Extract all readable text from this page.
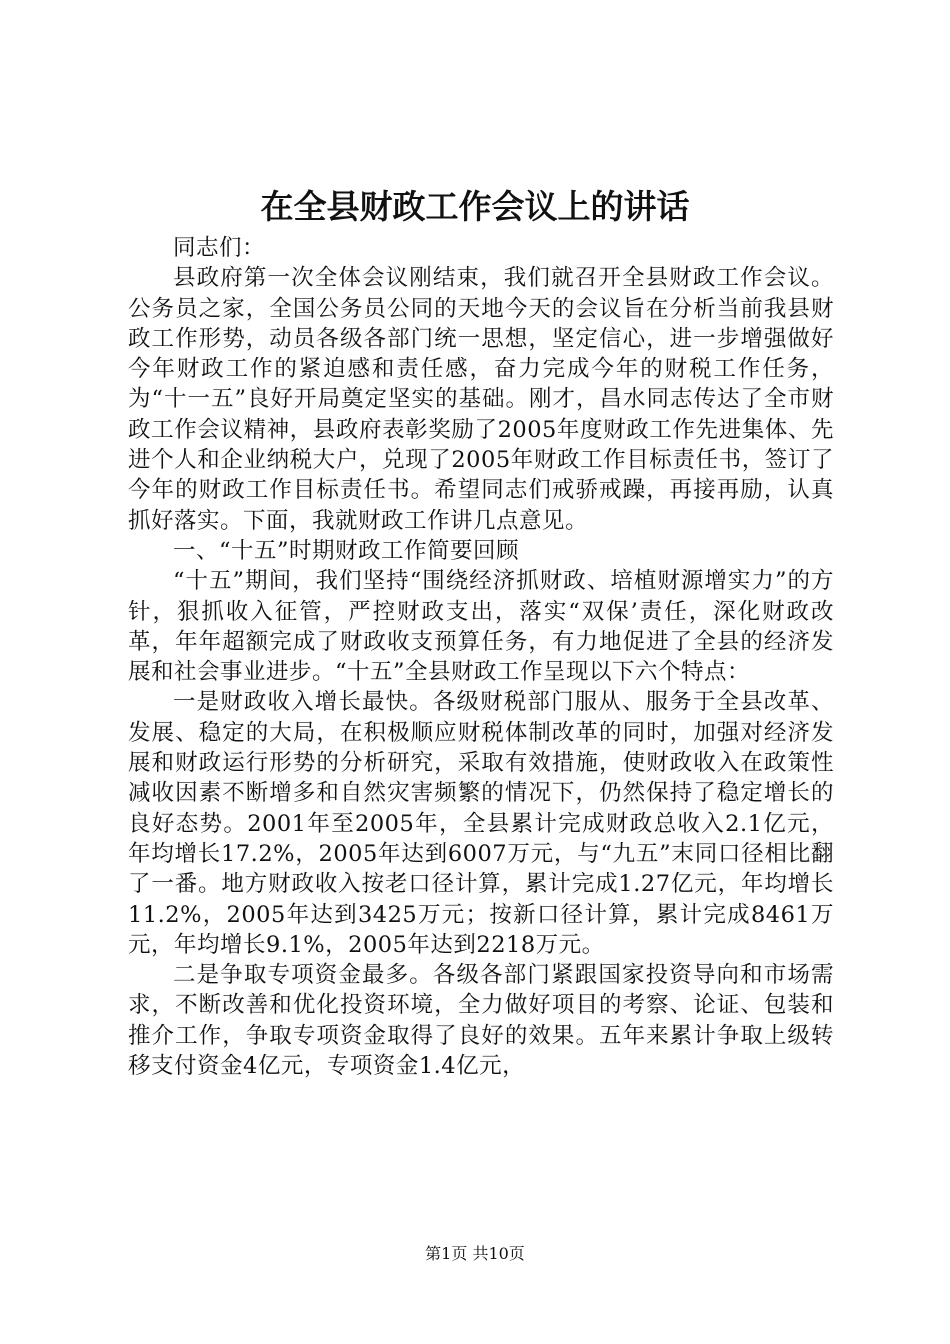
在全县财政工作会议上的讲话

同志们：

县政府第一次全体会议刚结束，我们就召开全县财政工作会议。公务员之家，全国公务员公同的天地今天的会议旨在分析当前我县财政工作形势，动员各级各部门统一思想，坚定信心，进一步增强做好今年财政工作的紧迫感和责任感，奋力完成今年的财税工作任务，为“十一五”良好开局奠定坚实的基础。刚才，昌水同志传达了全市财政工作会议精神，县政府表彰奖励了2005年度财政工作先进集体、先进个人和企业纳税大户，兑现了2005年财政工作目标责任书，签订了今年的财政工作目标责任书。希望同志们戒骄戒躁，再接再励，认真抓好落实。下面，我就财政工作讲几点意见。

一、“十五”时期财政工作简要回顾

“十五”期间，我们坚持“围绕经济抓财政、培植财源增实力”的方针，狠抓收入征管，严控财政支出，落实“双保’责任，深化财政改革，年年超额完成了财政收支预算任务，有力地促进了全县的经济发展和社会事业进步。“十五”全县财政工作呈现以下六个特点：

一是财政收入增长最快。各级财税部门服从、服务于全县改革、发展、稳定的大局，在积极顺应财税体制改革的同时，加强对经济发展和财政运行形势的分析研究，采取有效措施，使财政收入在政策性减收因素不断增多和自然灾害频繁的情况下，仍然保持了稳定增长的良好态势。2001年至2005年，全县累计完成财政总收入2.1亿元，年均增长17.2%，2005年达到6007万元，与“九五”末同口径相比翻了一番。地方财政收入按老口径计算，累计完成1.27亿元，年均增长11.2%，2005年达到3425万元；按新口径计算，累计完成8461万元，年均增长9.1%，2005年达到2218万元。

二是争取专项资金最多。各级各部门紧跟国家投资导向和市场需求，不断改善和优化投资环境，全力做好项目的考察、论证、包装和推介工作，争取专项资金取得了良好的效果。五年来累计争取上级转移支付资金4亿元，专项资金1.4亿元，

第1页 共10页
